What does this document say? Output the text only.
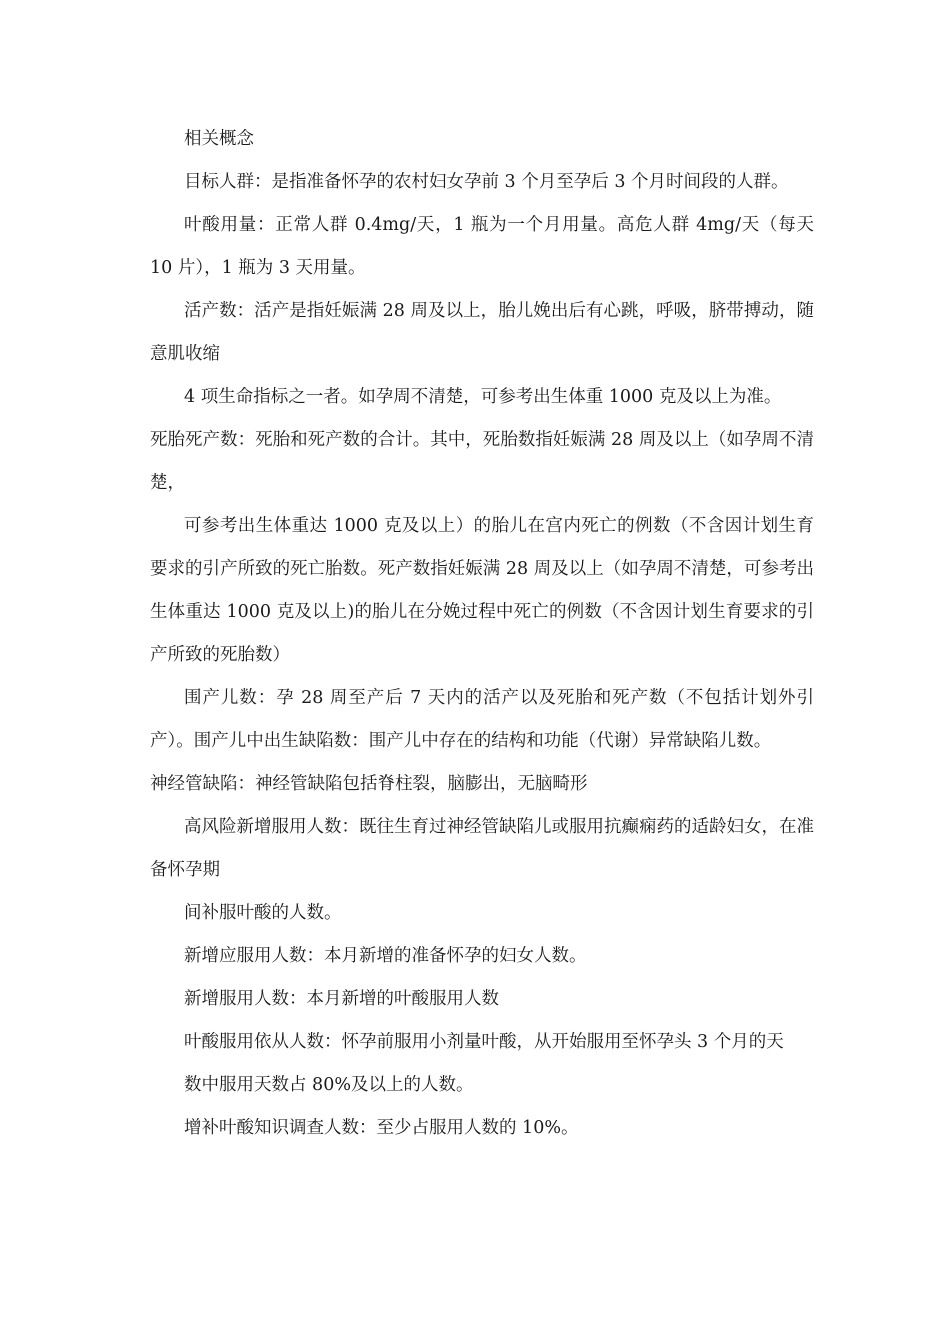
相关概念

目标人群：是指准备怀孕的农村妇女孕前 3 个月至孕后 3 个月时间段的人群。

叶酸用量：正常人群 0.4mg/天，1 瓶为一个月用量。高危人群 4mg/天（每天 10 片），1 瓶为 3 天用量。

活产数：活产是指妊娠满 28 周及以上，胎儿娩出后有心跳，呼吸，脐带搏动，随意肌收缩

4 项生命指标之一者。如孕周不清楚，可参考出生体重 1000 克及以上为准。

死胎死产数：死胎和死产数的合计。其中，死胎数指妊娠满 28 周及以上（如孕周不清楚，

可参考出生体重达 1000 克及以上）的胎儿在宫内死亡的例数（不含因计划生育要求的引产所致的死亡胎数。死产数指妊娠满 28 周及以上（如孕周不清楚，可参考出生体重达 1000 克及以上)的胎儿在分娩过程中死亡的例数（不含因计划生育要求的引产所致的死胎数）

围产儿数：孕 28 周至产后 7 天内的活产以及死胎和死产数（不包括计划外引产）。围产儿中出生缺陷数：围产儿中存在的结构和功能（代谢）异常缺陷儿数。

神经管缺陷：神经管缺陷包括脊柱裂，脑膨出，无脑畸形

高风险新增服用人数：既往生育过神经管缺陷儿或服用抗癫痫药的适龄妇女，在准备怀孕期

间补服叶酸的人数。

新增应服用人数：本月新增的准备怀孕的妇女人数。

新增服用人数：本月新增的叶酸服用人数

叶酸服用依从人数：怀孕前服用小剂量叶酸，从开始服用至怀孕头 3 个月的天

数中服用天数占 80%及以上的人数。

增补叶酸知识调查人数：至少占服用人数的 10%。
